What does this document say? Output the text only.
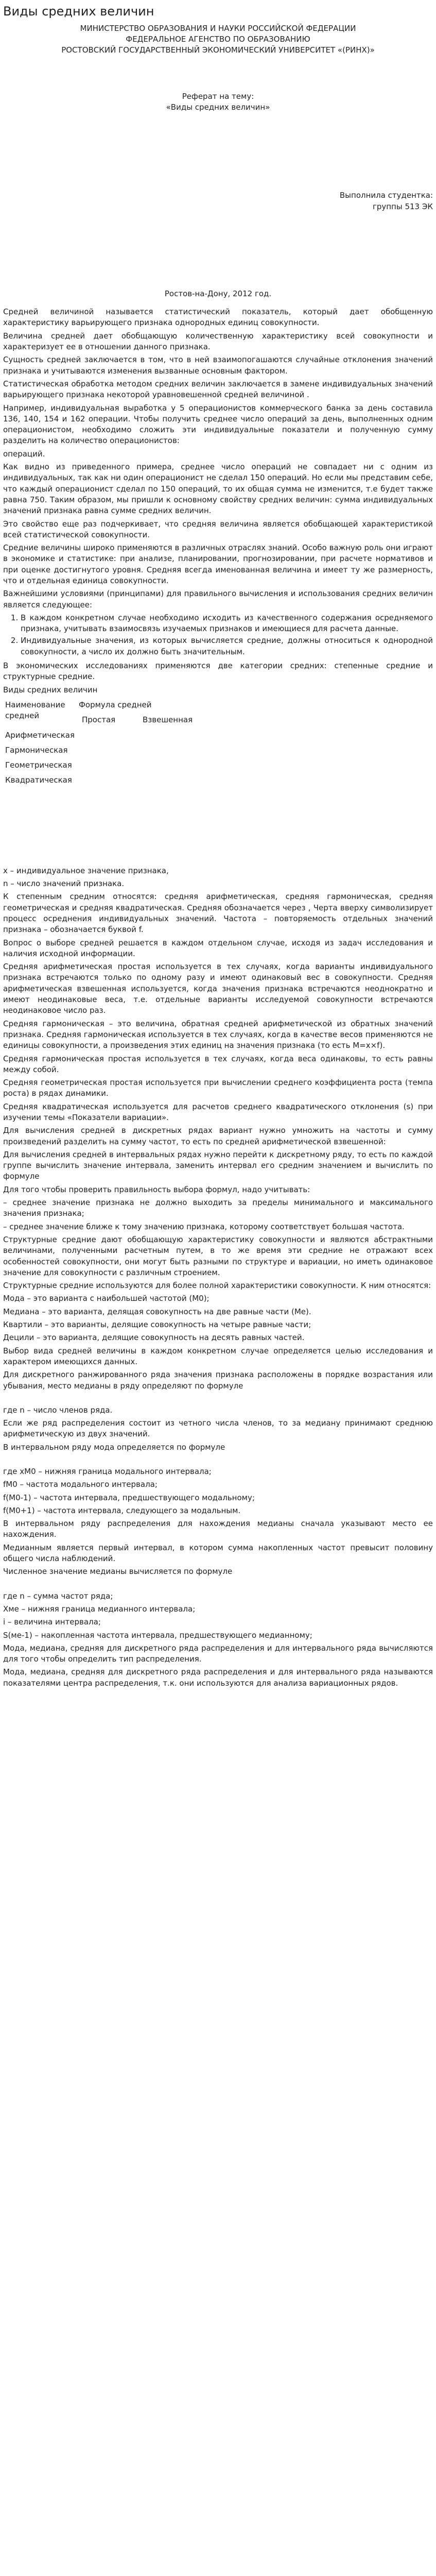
Виды средних величин
МИНИСТЕРСТВО ОБРАЗОВАНИЯ И НАУКИ РОССИЙСКОЙ ФЕДЕРАЦИИ
ФЕДЕРАЛЬНОЕ АГЕНСТВО ПО ОБРАЗОВАНИЮ
РОСТОВСКИЙ ГОСУДАРСТВЕННЫЙ ЭКОНОМИЧЕСКИЙ УНИВЕРСИТЕТ «(РИНХ)»
Реферат на тему:
«Виды средних величин»
Выполнила студентка:
группы 513 ЭК
Ростов-на-Дону, 2012 год.

Средней величиной называется статистический показатель, который дает обобщенную характеристику варьирующего признака однородных единиц совокупности.

Величина средней дает обобщающую количественную характеристику всей совокупности и характеризует ее в отношении данного признака.

Сущность средней заключается в том, что в ней взаимопогашаются случайные отклонения значений признака и учитываются изменения вызванные основным фактором.

Статистическая обработка методом средних величин заключается в замене индивидуальных значений варьирующего признака некоторой уравновешенной средней величиной .

Например, индивидуальная выработка у 5 операционистов коммерческого банка за день составила 136, 140, 154 и 162 операции. Чтобы получить среднее число операций за день, выполненных одним операционистом, необходимо сложить эти индивидуальные показатели и полученную сумму разделить на количество операционистов:

операций.

Как видно из приведенного примера, среднее число операций не совпадает ни с одним из индивидуальных, так как ни один операционист не сделал 150 операций. Но если мы представим себе, что каждый операционист сделал по 150 операций, то их общая сумма не изменится, т.е будет также равна 750. Таким образом, мы пришли к основному свойству средних величин: сумма индивидуальных значений признака равна сумме средних величин.

Это свойство еще раз подчеркивает, что средняя величина является обобщающей характеристикой всей статистической совокупности.

Средние величины широко применяются в различных отраслях знаний. Особо важную роль они играют в экономике и статистике: при анализе, планировании, прогнозировании, при расчете нормативов и при оценке достигнутого уровня. Средняя всегда именованная величина и имеет ту же размерность, что и отдельная единица совокупности.

Важнейшими условиями (принципами) для правильного вычисления и использования средних величин является следующее:

1. В каждом конкретном случае необходимо исходить из качественного содержания осредняемого признака, учитывать взаимосвязь изучаемых признаков и имеющиеся для расчета данные.
2. Индивидуальные значения, из которых вычисляется средние, должны относиться к однородной совокупности, а число их должно быть значительным.

В экономических исследованиях применяются две категории средних: степенные средние и структурные средние.

Виды средних величин

Наименование средней	Формула средней	
	Простая	Взвешенная
Арифметическая		
Гармоническая		
Геометрическая		
Квадратическая		

x – индивидуальное значение признака,

n – число значений признака.

К степенным средним относятся: средняя арифметическая, средняя гармоническая, средняя геометрическая и средняя квадратическая. Средняя обозначается через , Черта вверху символизирует процесс осреднения индивидуальных значений. Частота – повторяемость отдельных значений признака – обозначается буквой f.

Вопрос о выборе средней решается в каждом отдельном случае, исходя из задач исследования и наличия исходной информации.

Средняя арифметическая простая используется в тех случаях, когда варианты индивидуального признака встречаются только по одному разу и имеют одинаковый вес в совокупности. Средняя арифметическая взвешенная используется, когда значения признака встречаются неоднократно и имеют неодинаковые веса, т.е. отдельные варианты исследуемой совокупности встречаются неодинаковое число раз.

Средняя гармоническая – это величина, обратная средней арифметической из обратных значений признака. Средняя гармоническая используется в тех случаях, когда в качестве весов применяются не единицы совокупности, а произведения этих единиц на значения признака (то есть M=x×f).

Средняя гармоническая простая используется в тех случаях, когда веса одинаковы, то есть равны между собой.

Средняя геометрическая простая используется при вычислении среднего коэффициента роста (темпа роста) в рядах динамики.

Средняя квадратическая используется для расчетов среднего квадратического отклонения (s) при изучении темы «Показатели вариации».

Для вычисления средней в дискретных рядах вариант нужно умножить на частоты и сумму произведений разделить на сумму частот, то есть по средней арифметической взвешенной:

Для вычисления средней в интервальных рядах нужно перейти к дискретному ряду, то есть по каждой группе вычислить значение интервала, заменить интервал его средним значением и вычислить по формуле

Для того чтобы проверить правильность выбора формул, надо учитывать:

– среднее значение признака не должно выходить за пределы минимального и максимального значения признака;

– среднее значение ближе к тому значению признака, которому соответствует большая частота.

Структурные средние дают обобщающую характеристику совокупности и являются абстрактными величинами, полученными расчетным путем, в то же время эти средние не отражают всех особенностей совокупности, они могут быть разными по структуре и вариации, но иметь одинаковое значение для совокупности с различным строением.

Структурные средние используются для более полной характеристики совокупности. К ним относятся:

Мода – это варианта с наибольшей частотой (М0);

Медиана – это варианта, делящая совокупность на две равные части (Ме).

Квартили – это варианты, делящие совокупность на четыре равные части;

Децили – это варианта, делящие совокупность на десять равных частей.

Выбор вида средней величины в каждом конкретном случае определяется целью исследования и характером имеющихся данных.

Для дискретного ранжированного ряда значения признака расположены в порядке возрастания или убывания, место медианы в ряду определяют по формуле

где n – число членов ряда.

Если же ряд распределения состоит из четного числа членов, то за медиану принимают среднюю арифметическую из двух значений.

В интервальном ряду мода определяется по формуле

где xM0 – нижняя граница модального интервала;

fM0 – частота модального интервала;

f(M0-1) – частота интервала, предшествующего модальному;

f(M0+1) – частота интервала, следующего за модальным.

В интервальном ряду распределения для нахождения медианы сначала указывают место ее нахождения.

Медианным является первый интервал, в котором сумма накопленных частот превысит половину общего числа наблюдений.

Численное значение медианы вычисляется по формуле

где n – сумма частот ряда;

Xме – нижняя граница медианного интервала;

i – величина интервала;

S(ме-1) – накопленная частота интервала, предшествующего медианному;

Мода, медиана, средняя для дискретного ряда распределения и для интервального ряда вычисляются для того чтобы определить тип распределения.

Мода, медиана, средняя для дискретного ряда распределения и для интервального ряда называются показателями центра распределения, т.к. они используются для анализа вариационных рядов.
